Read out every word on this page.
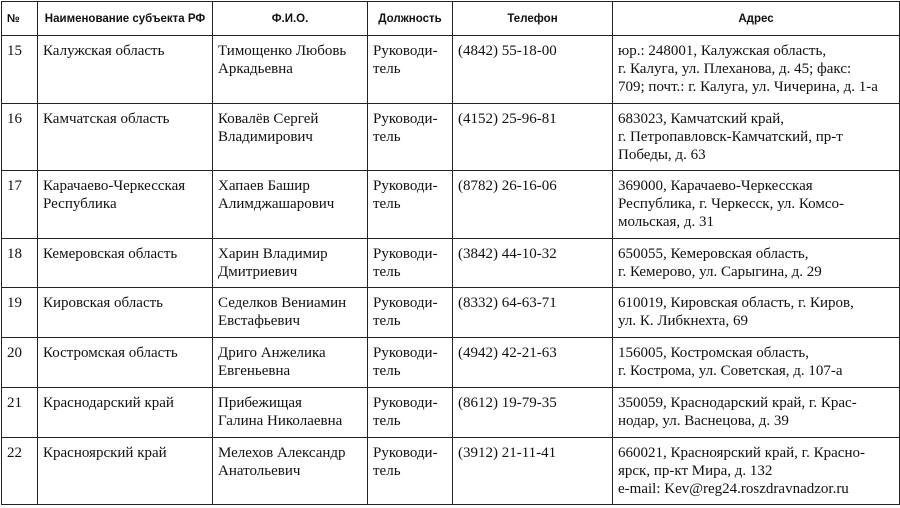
№	Наименование субъекта РФ	Ф.И.О.	Должность	Телефон	Адрес
15	Калужская область	Тимощенко Любовь
Аркадьевна	Руководи-
тель	(4842) 55-18-00	юр.: 248001, Калужская область,
г. Калуга, ул. Плеханова, д. 45; факс:
709; почт.: г. Калуга, ул. Чичерина, д. 1-а

16	Камчатская область	Ковалёв Сергей
Владимирович	Руководи-
тель	(4152) 25-96-81	683023, Камчатский край,
г. Петропавловск-Камчатский, пр-т
Победы, д. 63

17	Карачаево-Черкесская
Республика	Хапаев Башир
Алимджашарович	Руководи-
тель	(8782) 26-16-06	369000, Карачаево-Черкесская
Республика, г. Черкесск, ул. Комсо-
мольская, д. 31

18	Кемеровская область	Харин Владимир
Дмитриевич	Руководи-
тель	(3842) 44-10-32	650055, Кемеровская область,
г. Кемерово, ул. Сарыгина, д. 29

19	Кировская область	Седелков Вениамин
Евстафьевич	Руководи-
тель	(8332) 64-63-71	610019, Кировская область, г. Киров,
ул. К. Либкнехта, 69

20	Костромская область	Дриго Анжелика
Евгеньевна	Руководи-
тель	(4942) 42-21-63	156005, Костромская область,
г. Кострома, ул. Советская, д. 107-а

21	Краснодарский край	Прибежищая
Галина Николаевна	Руководи-
тель	(8612) 19-79-35	350059, Краснодарский край, г. Крас-
нодар, ул. Васнецова, д. 39

22	Красноярский край	Мелехов Александр
Анатольевич	Руководи-
тель	(3912) 21-11-41	660021, Красноярский край, г. Красно-
ярск, пр-кт Мира, д. 132
e-mail: Kev@reg24.roszdravnadzor.ru
